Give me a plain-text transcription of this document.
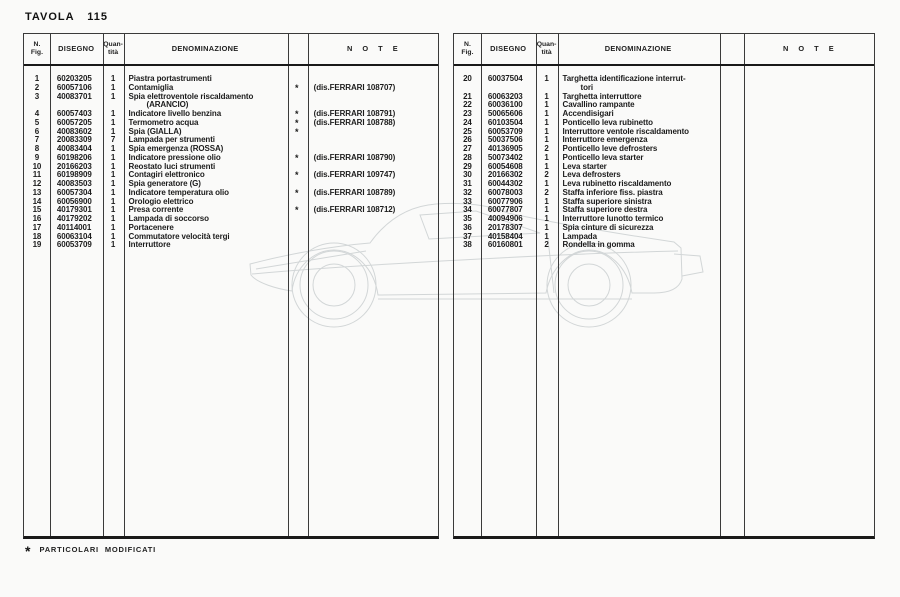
TAVOLA 115
N.
Fig. DISEGNO Quan-
tità	DENOMINAZIONE	N O T E
1	60203205	1	Piastra portastrumenti
2	60057106	1	Contamiglia	*	(dis.FERRARI 108707)
3	40083701	1	Spia elettroventole riscaldamento
(ARANCIO)
4	60057403	1	Indicatore livello benzina	*	(dis.FERRARI 108791)
5	60057205	1	Termometro acqua	*	(dis.FERRARI 108788)
6	40083602	1	Spia (GIALLA)	*
7	20083309	7	Lampada per strumenti
8	40083404	1	Spia emergenza (ROSSA)
9	60198206	1	Indicatore pressione olio	*	(dis.FERRARI 108790)
10	20166203	1	Reostato luci strumenti
11	60198909	1	Contagiri elettronico	*	(dis.FERRARI 109747)
12	40083503	1	Spia generatore (G)
13	60057304	1	Indicatore temperatura olio	*	(dis.FERRARI 108789)
14	60056900	1	Orologio elettrico
15	40179301	1	Presa corrente	*	(dis.FERRARI 108712)
16	40179202	1	Lampada di soccorso
17	40114001	1	Portacenere
18	60063104	1	Commutatore velocità tergi
19	60053709	1	Interruttore
N.
Fig. DISEGNO Quan-
tità	DENOMINAZIONE	N O T E
20	60037504	1	Targhetta identificazione interrut-
tori
21	60063203	1	Targhetta interruttore
22	60036100	1	Cavallino rampante
23	50065606	1	Accendisigari
24	60103504	1	Ponticello leva rubinetto
25	60053709	1	Interruttore ventole riscaldamento
26	50037506	1	Interruttore emergenza
27	40136905	2	Ponticello leve defrosters
28	50073402	1	Ponticello leva starter
29	60054608	1	Leva starter
30	20166302	2	Leva defrosters
31	60044302	1	Leva rubinetto riscaldamento
32	60078003	2	Staffa inferiore fiss. piastra
33	60077906	1	Staffa superiore sinistra
34	60077807	1	Staffa superiore destra
35	40094906	1	Interruttore lunotto termico
36	20178307	1	Spia cinture di sicurezza
37	40158404	1	Lampada
38	60160801	2	Rondella in gomma
* PARTICOLARI MODIFICATI
